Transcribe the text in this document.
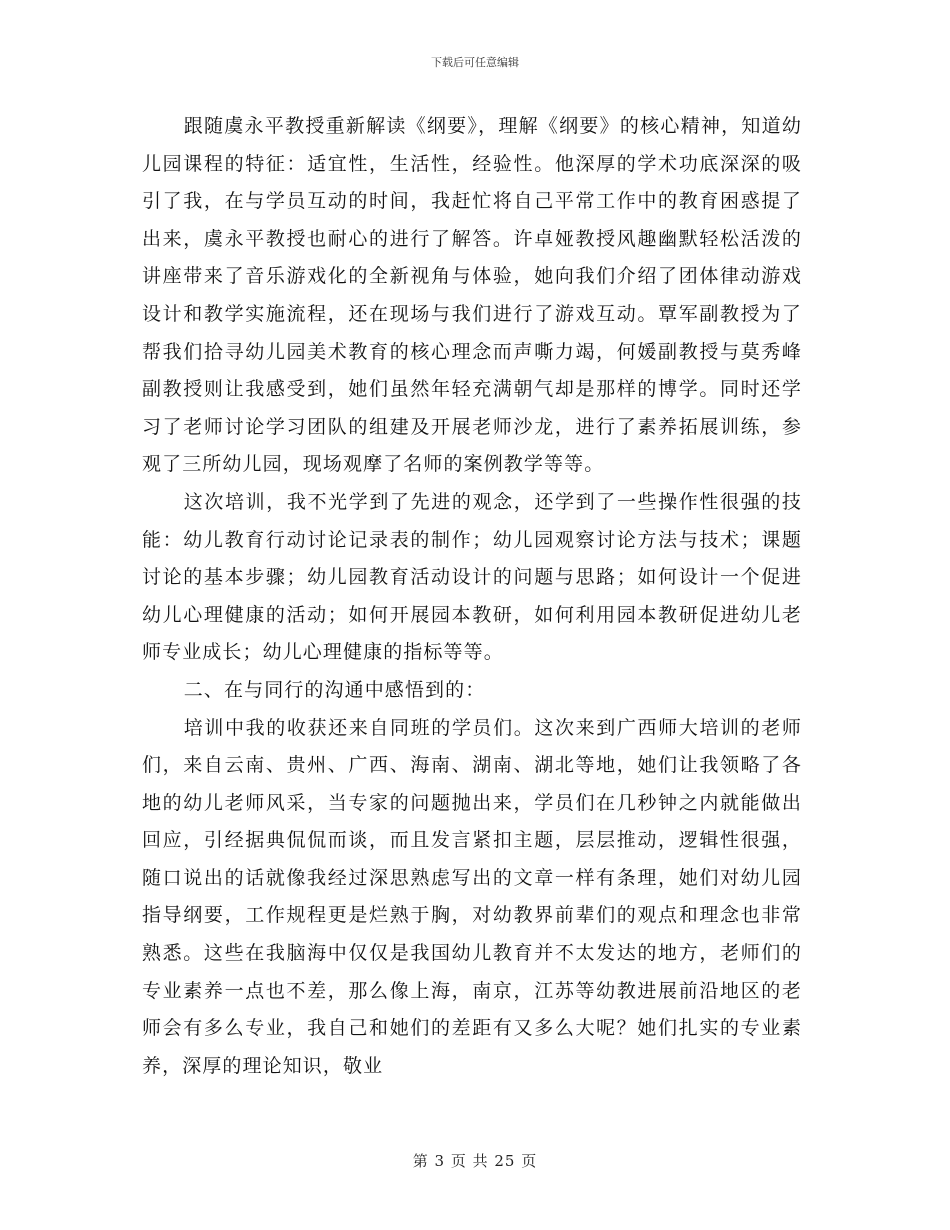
下载后可任意编辑

跟随虞永平教授重新解读《纲要》，理解《纲要》的核心精神，知道幼儿园课程的特征：适宜性，生活性，经验性。他深厚的学术功底深深的吸引了我，在与学员互动的时间，我赶忙将自己平常工作中的教育困惑提了出来，虞永平教授也耐心的进行了解答。许卓娅教授风趣幽默轻松活泼的讲座带来了音乐游戏化的全新视角与体验，她向我们介绍了团体律动游戏设计和教学实施流程，还在现场与我们进行了游戏互动。覃军副教授为了帮我们拾寻幼儿园美术教育的核心理念而声嘶力竭，何媛副教授与莫秀峰副教授则让我感受到，她们虽然年轻充满朝气却是那样的博学。同时还学习了老师讨论学习团队的组建及开展老师沙龙，进行了素养拓展训练，参观了三所幼儿园，现场观摩了名师的案例教学等等。

这次培训，我不光学到了先进的观念，还学到了一些操作性很强的技能：幼儿教育行动讨论记录表的制作；幼儿园观察讨论方法与技术；课题讨论的基本步骤；幼儿园教育活动设计的问题与思路；如何设计一个促进幼儿心理健康的活动；如何开展园本教研，如何利用园本教研促进幼儿老师专业成长；幼儿心理健康的指标等等。

二、在与同行的沟通中感悟到的：

培训中我的收获还来自同班的学员们。这次来到广西师大培训的老师们，来自云南、贵州、广西、海南、湖南、湖北等地，她们让我领略了各地的幼儿老师风采，当专家的问题抛出来，学员们在几秒钟之内就能做出回应，引经据典侃侃而谈，而且发言紧扣主题，层层推动，逻辑性很强，随口说出的话就像我经过深思熟虑写出的文章一样有条理，她们对幼儿园指导纲要，工作规程更是烂熟于胸，对幼教界前辈们的观点和理念也非常熟悉。这些在我脑海中仅仅是我国幼儿教育并不太发达的地方，老师们的专业素养一点也不差，那么像上海，南京，江苏等幼教进展前沿地区的老师会有多么专业，我自己和她们的差距有又多么大呢？她们扎实的专业素养，深厚的理论知识，敬业

第 3 页 共 25 页
